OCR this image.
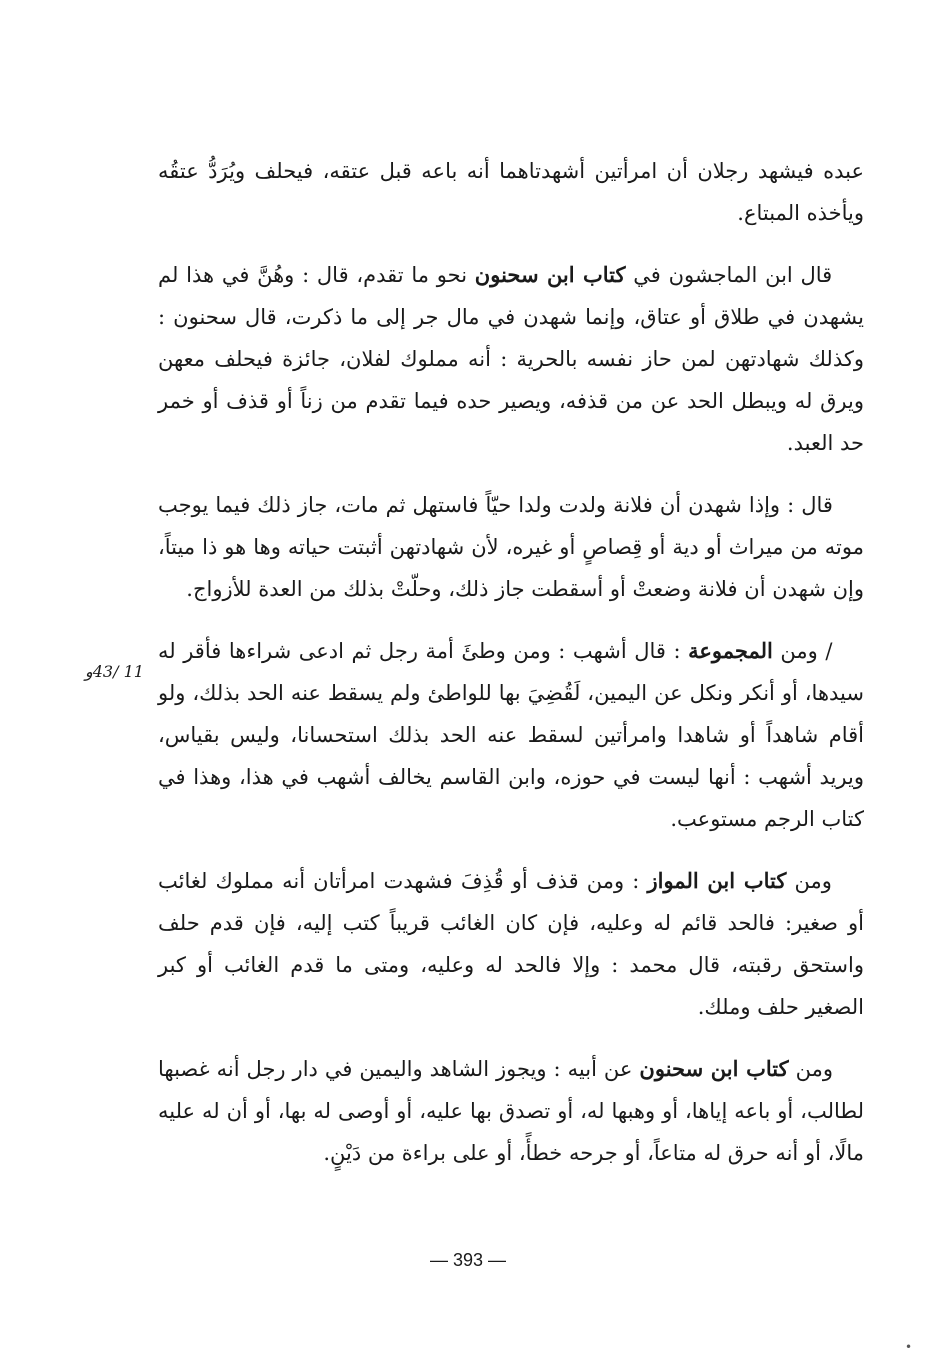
عبده فيشهد رجلان أن امرأتين أشهدتاهما أنه باعه قبل عتقه، فيحلف ويُرَدُّ عتقُه ويأخذه المبتاع.

قال ابن الماجشون في كتاب ابن سحنون نحو ما تقدم، قال : وهُنَّ في هذا لم يشهدن في طلاق أو عتاق، وإنما شهدن في مال جر إلى ما ذكرت، قال سحنون : وكذلك شهادتهن لمن حاز نفسه بالحرية : أنه مملوك لفلان، جائزة فيحلف معهن ويرق له ويبطل الحد عن من قذفه، ويصير حده فيما تقدم من زناً أو قذف أو خمر حد العبد.

قال : وإذا شهدن أن فلانة ولدت ولدا حيّاً فاستهل ثم مات، جاز ذلك فيما يوجب موته من ميراث أو دية أو قِصاصٍ أو غيره، لأن شهادتهن أثبتت حياته وها هو ذا ميتاً، وإن شهدن أن فلانة وضعتْ أو أسقطت جاز ذلك، وحلّتْ بذلك من العدة للأزواج.

/ ومن المجموعة : قال أشهب : ومن وطئَ أمة رجل ثم ادعى شراءها فأقر له سيدها، أو أنكر ونكل عن اليمين، لَقُضِيَ بها للواطئ ولم يسقط عنه الحد بذلك، ولو أقام شاهداً أو شاهدا وامرأتين لسقط عنه الحد بذلك استحسانا، وليس بقياس، ويريد أشهب : أنها ليست في حوزه، وابن القاسم يخالف أشهب في هذا، وهذا في كتاب الرجم مستوعب.

ومن كتاب ابن المواز : ومن قذف أو قُذِفَ فشهدت امرأتان أنه مملوك لغائب أو صغير: فالحد قائم له وعليه، فإن كان الغائب قريباً كتب إليه، فإن قدم حلف واستحق رقبته، قال محمد : وإلا فالحد له وعليه، ومتى ما قدم الغائب أو كبر الصغير حلف وملك.

ومن كتاب ابن سحنون عن أبيه : ويجوز الشاهد واليمين في دار رجل أنه غصبها لطالب، أو باعه إياها، أو وهبها له، أو تصدق بها عليه، أو أوصى له بها، أو أن له عليه مالًا، أو أنه حرق له متاعاً، أو جرحه خطأً، أو على براءة من دَيْنٍ.

11 /43و
— 393 —
•
